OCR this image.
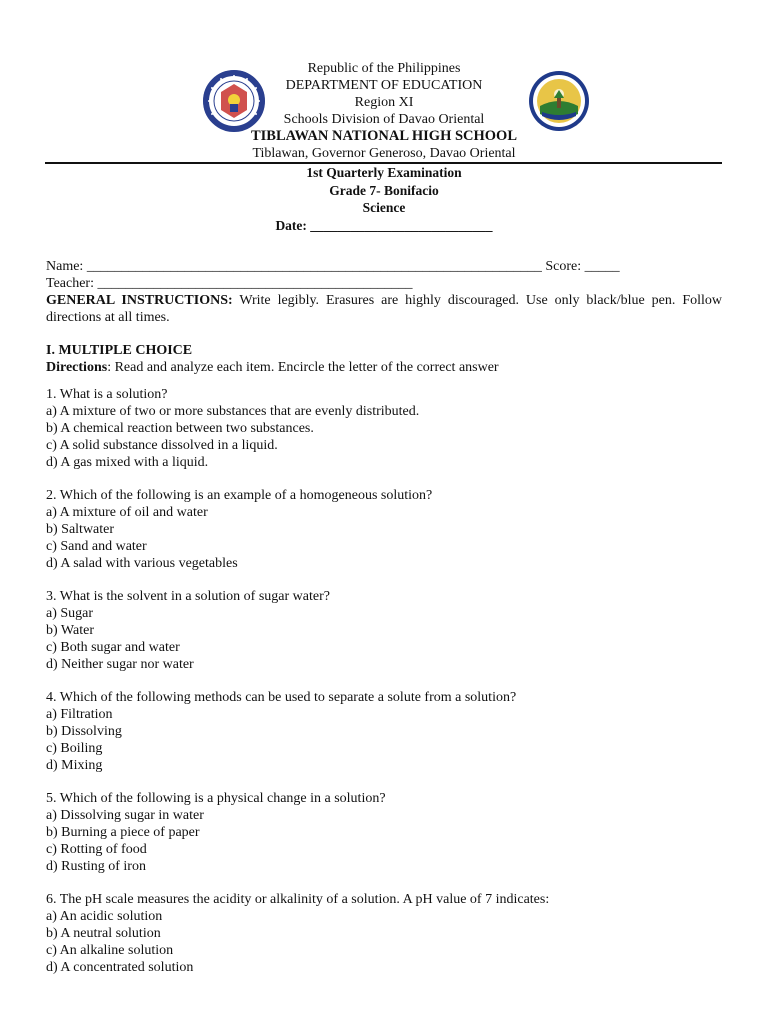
Republic of the Philippines
DEPARTMENT OF EDUCATION
Region XI
Schools Division of Davao Oriental
TIBLAWAN NATIONAL HIGH SCHOOL
Tiblawan, Governor Generoso, Davao Oriental
1st Quarterly Examination
Grade 7- Bonifacio
Science
Date: ___________________________
Name: _________________________________________________________________ Score: _____
Teacher: _____________________________________________
GENERAL INSTRUCTIONS: Write legibly. Erasures are highly discouraged. Use only black/blue pen. Follow directions at all times.
I. MULTIPLE CHOICE
Directions: Read and analyze each item. Encircle the letter of the correct answer
1. What is a solution?
a) A mixture of two or more substances that are evenly distributed.
b) A chemical reaction between two substances.
c) A solid substance dissolved in a liquid.
d) A gas mixed with a liquid.
2. Which of the following is an example of a homogeneous solution?
a) A mixture of oil and water
b) Saltwater
c) Sand and water
d) A salad with various vegetables
3. What is the solvent in a solution of sugar water?
a) Sugar
b) Water
c) Both sugar and water
d) Neither sugar nor water
4. Which of the following methods can be used to separate a solute from a solution?
a) Filtration
b) Dissolving
c) Boiling
d) Mixing
5. Which of the following is a physical change in a solution?
a) Dissolving sugar in water
b) Burning a piece of paper
c) Rotting of food
d) Rusting of iron
6. The pH scale measures the acidity or alkalinity of a solution. A pH value of 7 indicates:
a) An acidic solution
b) A neutral solution
c) An alkaline solution
d) A concentrated solution
